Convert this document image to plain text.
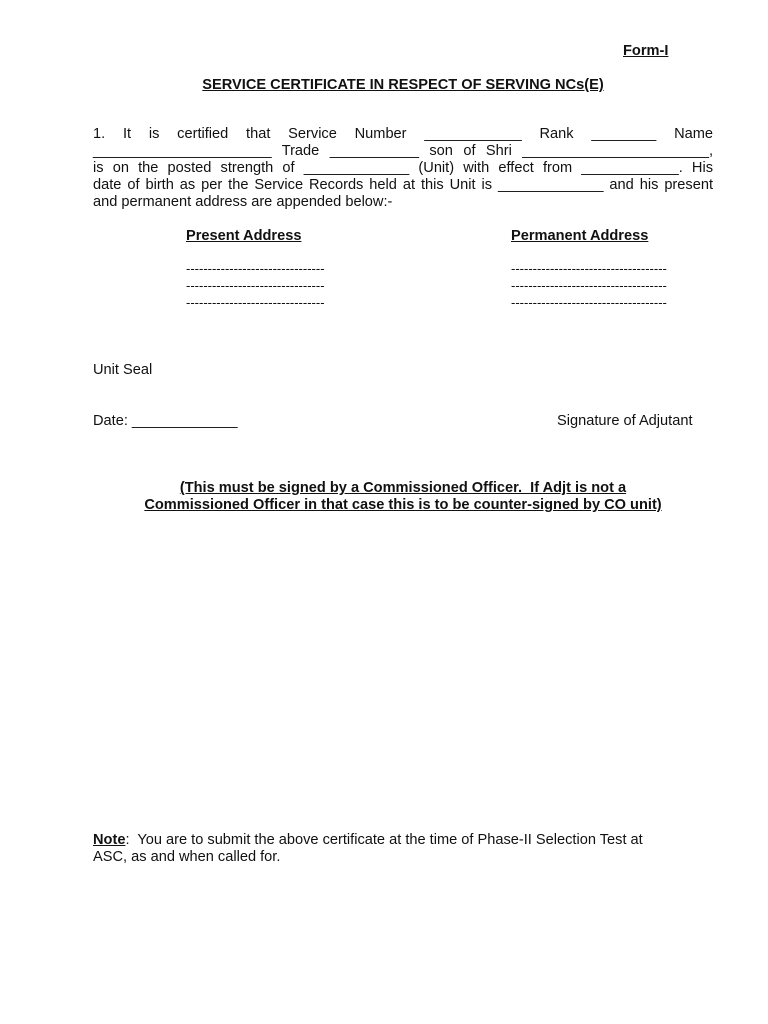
Form-I
SERVICE CERTIFICATE IN RESPECT OF SERVING NCs(E)
1. It is certified that Service Number ____________ Rank ________ Name
______________________ Trade ___________ son of Shri _______________________,
is on the posted strength of _____________ (Unit) with effect from ____________. His
date of birth as per the Service Records held at this Unit is _____________ and his present
and permanent address are appended below:-
Present Address	Permanent Address
--------------------------------
--------------------------------
--------------------------------
------------------------------------
------------------------------------
------------------------------------
Unit Seal
Date: _____________	Signature of Adjutant
(This must be signed by a Commissioned Officer.  If Adjt is not a
Commissioned Officer in that case this is to be counter-signed by CO unit)
Note:  You are to submit the above certificate at the time of Phase-II Selection Test at
ASC, as and when called for.
